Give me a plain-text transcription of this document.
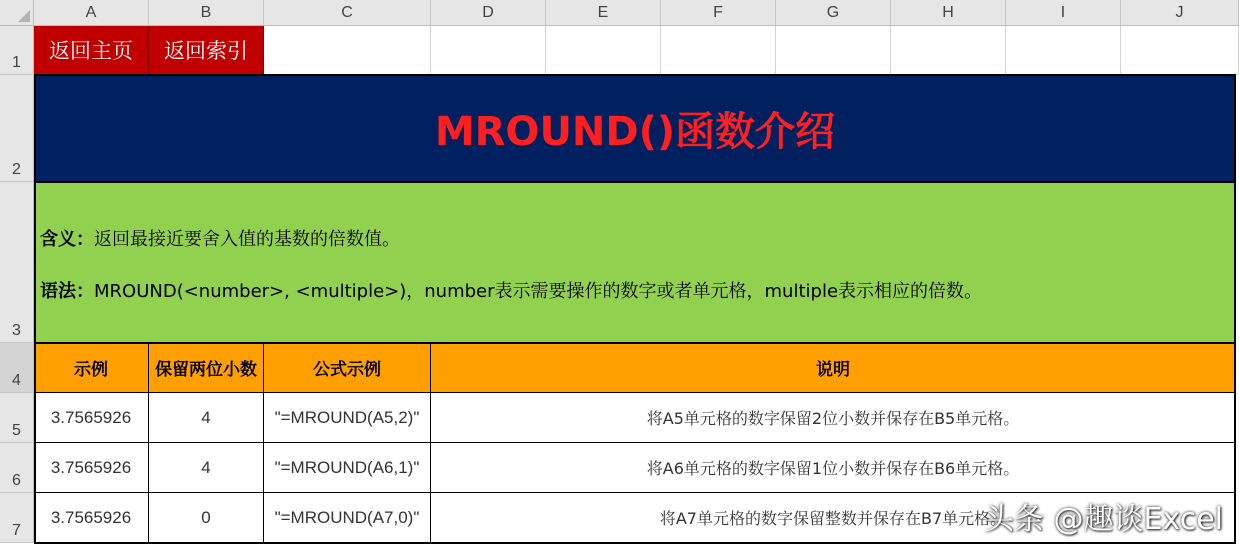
A	B	C	D	E	F	G	H	I	J
1
2
3
4
5
6
7
返回主页	返回索引
MROUND()函数介绍
含义：返回最接近要舍入值的基数的倍数值。
语法：MROUND(<number>, <multiple>)，number表示需要操作的数字或者单元格，multiple表示相应的倍数。
示例	保留两位小数	公式示例	说明
3.7565926	4	"=MROUND(A5,2)"	将A5单元格的数字保留2位小数并保存在B5单元格。
3.7565926	4	"=MROUND(A6,1)"	将A6单元格的数字保留1位小数并保存在B6单元格。
3.7565926	0	"=MROUND(A7,0)"	将A7单元格的数字保留整数并保存在B7单元格。
头条 @趣谈Excel
